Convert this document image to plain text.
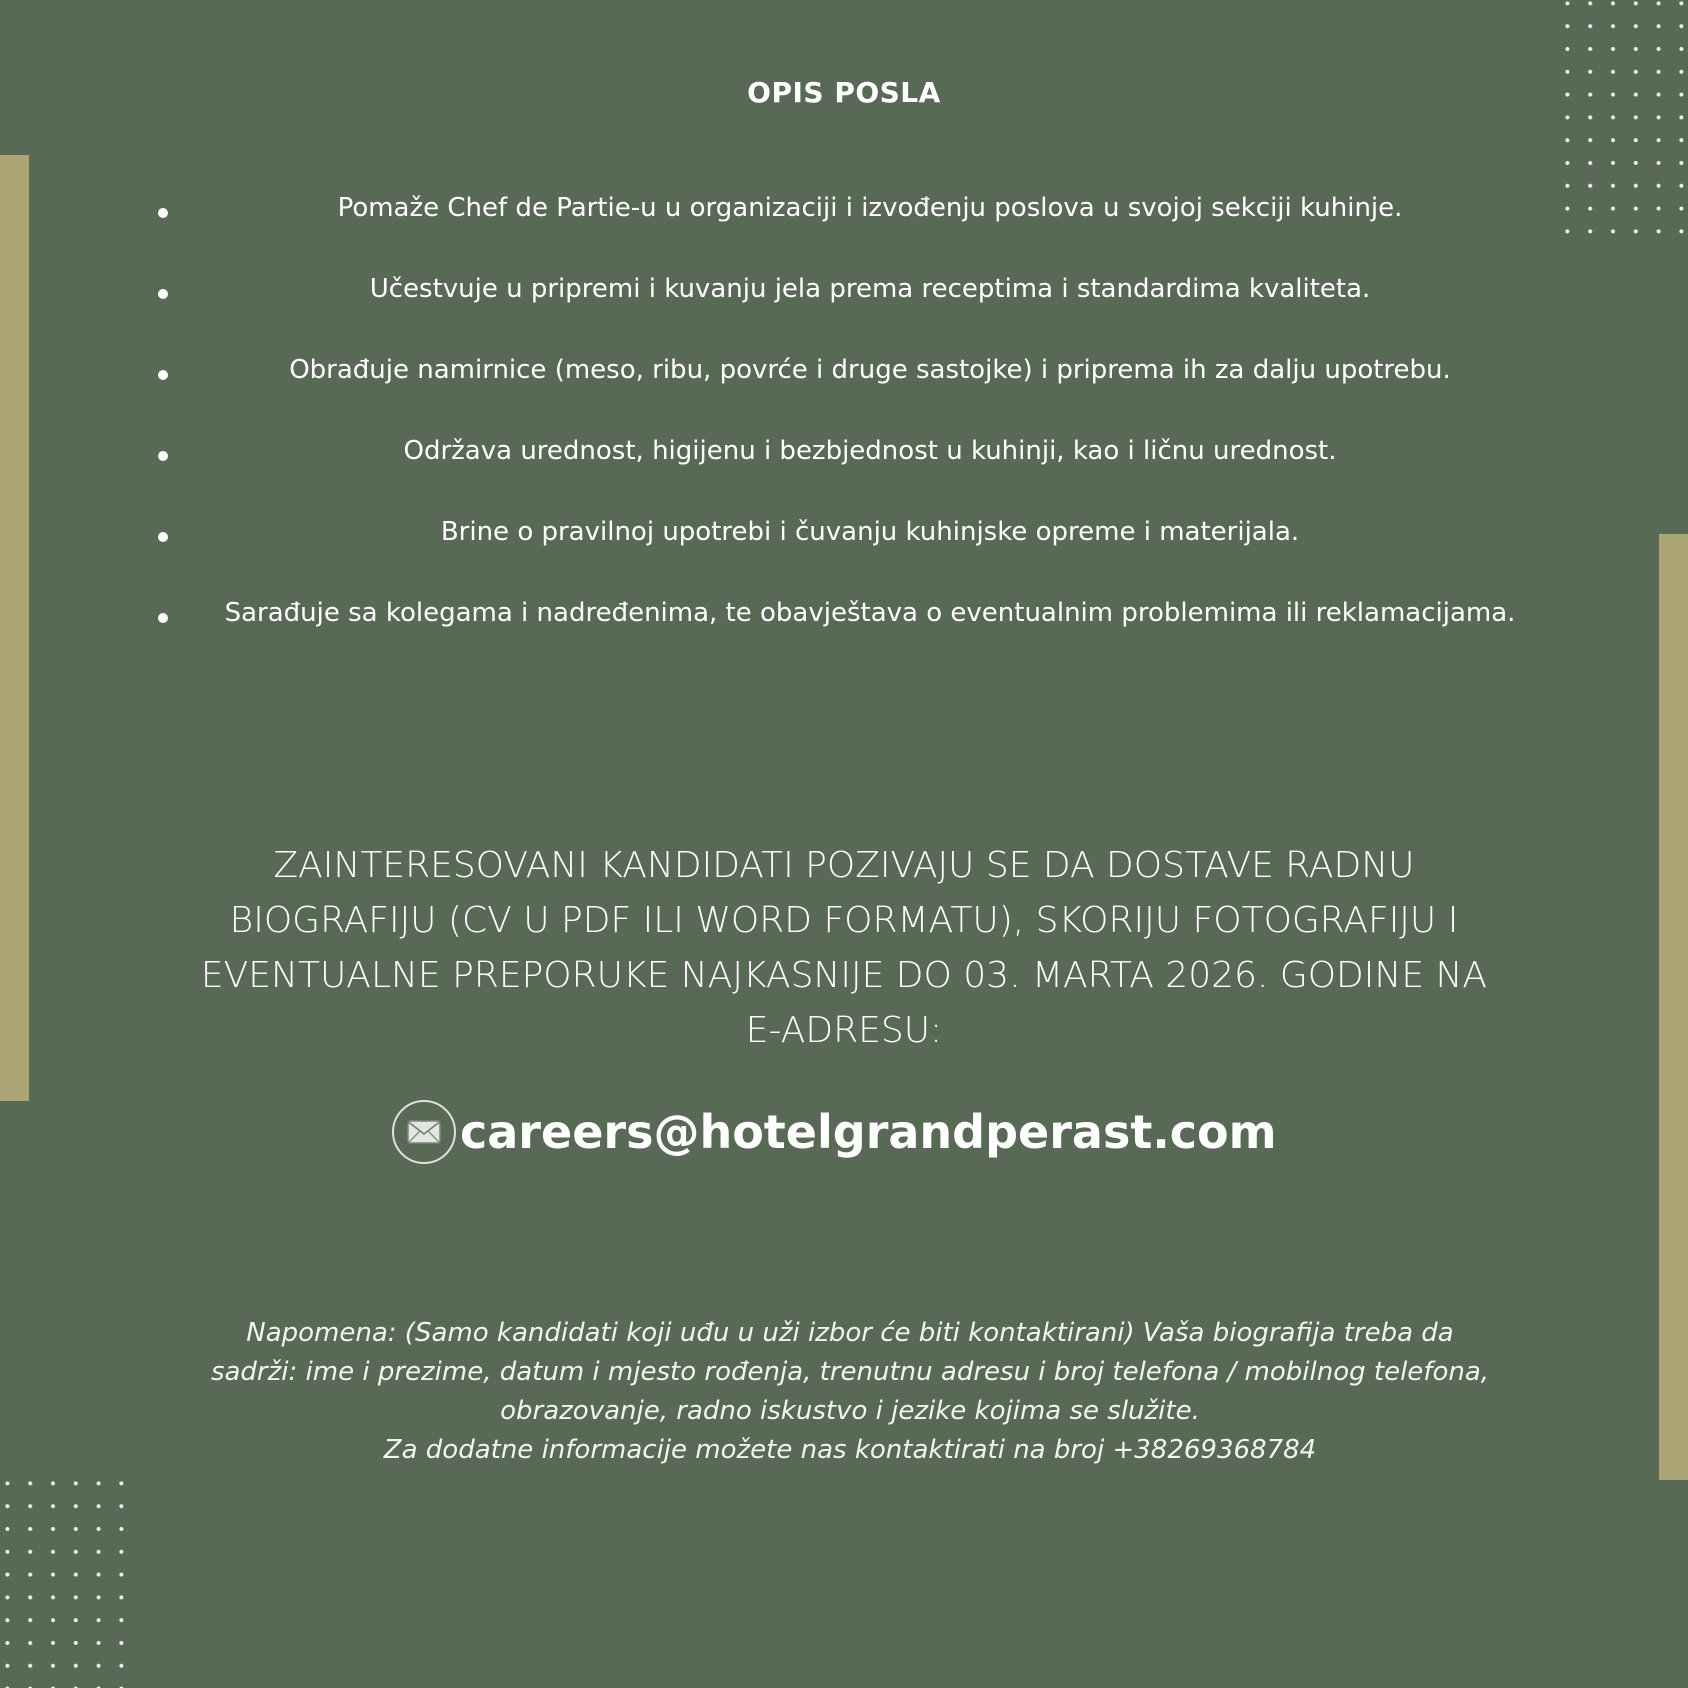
OPIS POSLA
Pomaže Chef de Partie-u u organizaciji i izvođenju poslova u svojoj sekciji kuhinje.
Učestvuje u pripremi i kuvanju jela prema receptima i standardima kvaliteta.
Obrađuje namirnice (meso, ribu, povrće i druge sastojke) i priprema ih za dalju upotrebu.
Održava urednost, higijenu i bezbjednost u kuhinji, kao i ličnu urednost.
Brine o pravilnoj upotrebi i čuvanju kuhinjske opreme i materijala.
Sarađuje sa kolegama i nadređenima, te obavještava o eventualnim problemima ili reklamacijama.
ZAINTERESOVANI KANDIDATI POZIVAJU SE DA DOSTAVE RADNU BIOGRAFIJU (CV U PDF ILI WORD FORMATU), SKORIJU FOTOGRAFIJU I EVENTUALNE PREPORUKE NAJKASNIJE DO 03. MARTA 2026. GODINE NA E-ADRESU:
careers@hotelgrandperast.com

Napomena: (Samo kandidati koji uđu u uži izbor će biti kontaktirani) Vaša biografija treba da sadrži: ime i prezime, datum i mjesto rođenja, trenutnu adresu i broj telefona / mobilnog telefona, obrazovanje, radno iskustvo i jezike kojima se služite.

Za dodatne informacije možete nas kontaktirati na broj +38269368784
